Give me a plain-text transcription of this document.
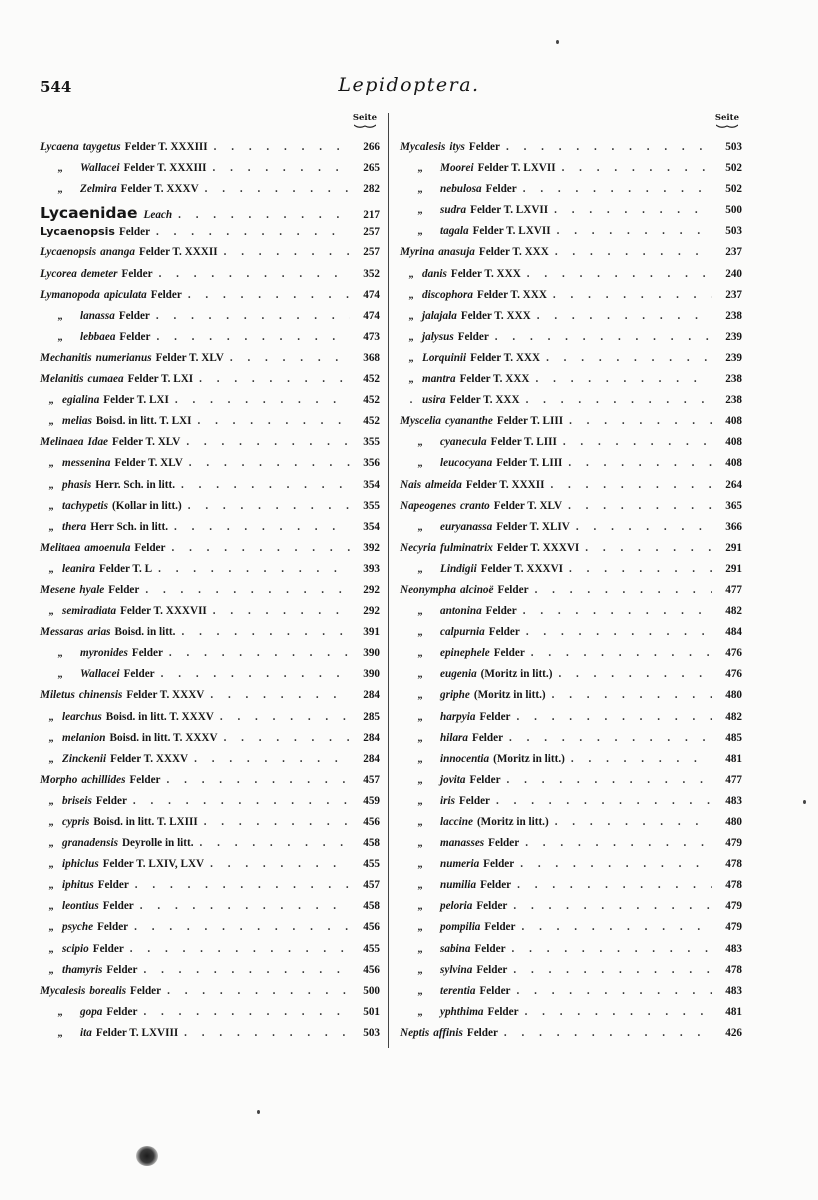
544	Lepidoptera.
Seite
Lycaena taygetus Felder T. XXXIII . . .	266
„	Wallacei Felder T. XXXIII . . .	265
„	Zelmira Felder T. XXXV . . .	282
Lycaenidae Leach . . .	217
Lycaenopsis Felder . . .	257
Lycaenopsis ananga Felder T. XXXII . . .	257
Lycorea demeter Felder . . .	352
Lymanopoda apiculata Felder . . .	474
„	lanassa Felder . . .	474
„	lebbaea Felder . . .	473
Mechanitis numerianus Felder T. XLV . . .	368
Melanitis cumaea Felder T. LXI . . .	452
„ egialina Felder T. LXI . . .	452
„ melias Boisd. in litt. T. LXI . . .	452
Melinaea Idae Felder T. XLV . . .	355
„ messenina Felder T. XLV . . .	356
„ phasis Herr. Sch. in litt. . . .	354
„ tachypetis (Kollar in litt.) . . .	355
„ thera Herr Sch. in litt. . . .	354
Melitaea amoenula Felder . . .	392
„ leanira Felder T. L . . .	393
Mesene hyale Felder . . .	292
„ semiradiata Felder T. XXXVII . . .	292
Messaras arias Boisd. in litt. . . .	391
„	myronides Felder . . .	390
„	Wallacei Felder . . .	390
Miletus chinensis Felder T. XXXV . . .	284
„ learchus Boisd. in litt. T. XXXV . . .	285
„ melanion Boisd. in litt. T. XXXV . . .	284
„ Zinckenii Felder T. XXXV . . .	284
Morpho achillides Felder . . .	457
„ briseis Felder . . .	459
„ cypris Boisd. in litt. T. LXIII . . .	456
„ granadensis Deyrolle in litt. . . .	458
„ iphiclus Felder T. LXIV, LXV . . .	455
„ iphitus Felder . . .	457
„ leontius Felder . . .	458
„ psyche Felder . . .	456
„ scipio Felder . . .	455
„ thamyris Felder . . .	456
Mycalesis borealis Felder . . .	500
„	gopa Felder . . .	501
„	ita Felder T. LXVIII . . .	503
Seite
Mycalesis itys Felder . . .	503
„	Moorei Felder T. LXVII . . .	502
„	nebulosa Felder . . .	502
„	sudra Felder T. LXVII . . .	500
„	tagala Felder T. LXVII . . .	503
Myrina anasuja Felder T. XXX . . .	237
„ danis Felder T. XXX . . .	240
„ discophora Felder T. XXX . . .	237
„ jalajala Felder T. XXX . . .	238
„ jalysus Felder . . .	239
„ Lorquinii Felder T. XXX . . .	239
„ mantra Felder T. XXX . . .	238
. usira Felder T. XXX . . .	238
Myscelia cyananthe Felder T. LIII . . .	408
„	cyanecula Felder T. LIII . . .	408
„	leucocyana Felder T. LIII . . .	408
Nais almeida Felder T. XXXII . . .	264
Napeogenes cranto Felder T. XLV . . .	365
„	euryanassa Felder T. XLIV . . .	366
Necyria fulminatrix Felder T. XXXVI . . .	291
„	Lindigii Felder T. XXXVI . . .	291
Neonympha alcinoë Felder . . .	477
„	antonina Felder . . .	482
„	calpurnia Felder . . .	484
„	epinephele Felder . . .	476
„	eugenia (Moritz in litt.) . . .	476
„	griphe (Moritz in litt.) . . .	480
„	harpyia Felder . . .	482
„	hilara Felder . . .	485
„	innocentia (Moritz in litt.) . . .	481
„	jovita Felder . . .	477
„	iris Felder . . .	483
„	laccine (Moritz in litt.) . . .	480
„	manasses Felder . . .	479
„	numeria Felder . . .	478
„	numilia Felder . . .	478
„	peloria Felder . . .	479
„	pompilia Felder . . .	479
„	sabina Felder . . .	483
„	sylvina Felder . . .	478
„	terentia Felder . . .	483
„	yphthima Felder . . .	481
Neptis affinis Felder . . .	426
